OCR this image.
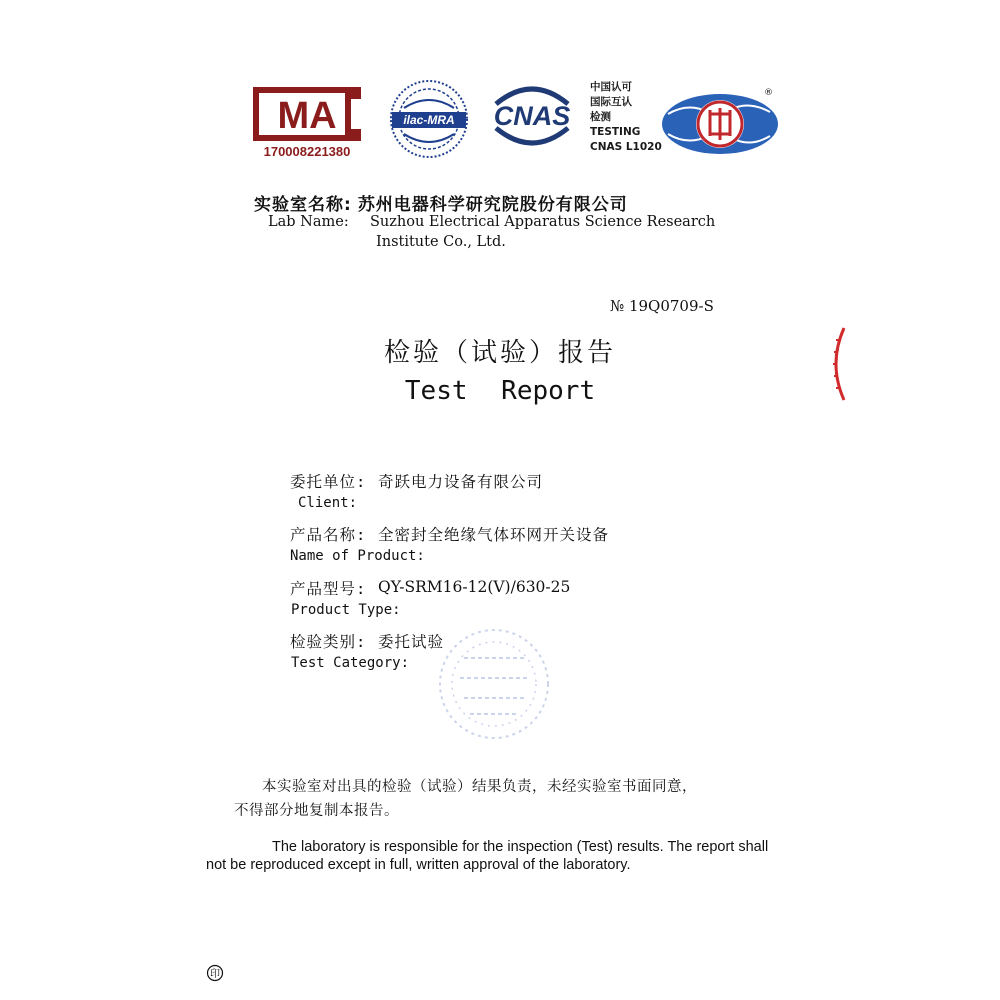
MA
170008221380
ilac-MRA CNAS
中国认可
国际互认
检测
TESTING
CNAS L1020
®
实验室名称: 苏州电器科学研究院股份有限公司
Lab Name: Suzhou Electrical Apparatus Science Research
Institute Co., Ltd.
№ 19Q0709-S
检验（试验）报告
Test Report
委托单位: 奇跃电力设备有限公司
Client:
产品名称: 全密封全绝缘气体环网开关设备
Name of Product:
产品型号: QY-SRM16-12(V)/630-25
Product Type:
检验类别: 委托试验
Test Category:
本实验室对出具的检验（试验）结果负责，未经实验室书面同意，
不得部分地复制本报告。
The laboratory is responsible for the inspection (Test) results. The report shall
not be reproduced except in full, written approval of the laboratory.
印
